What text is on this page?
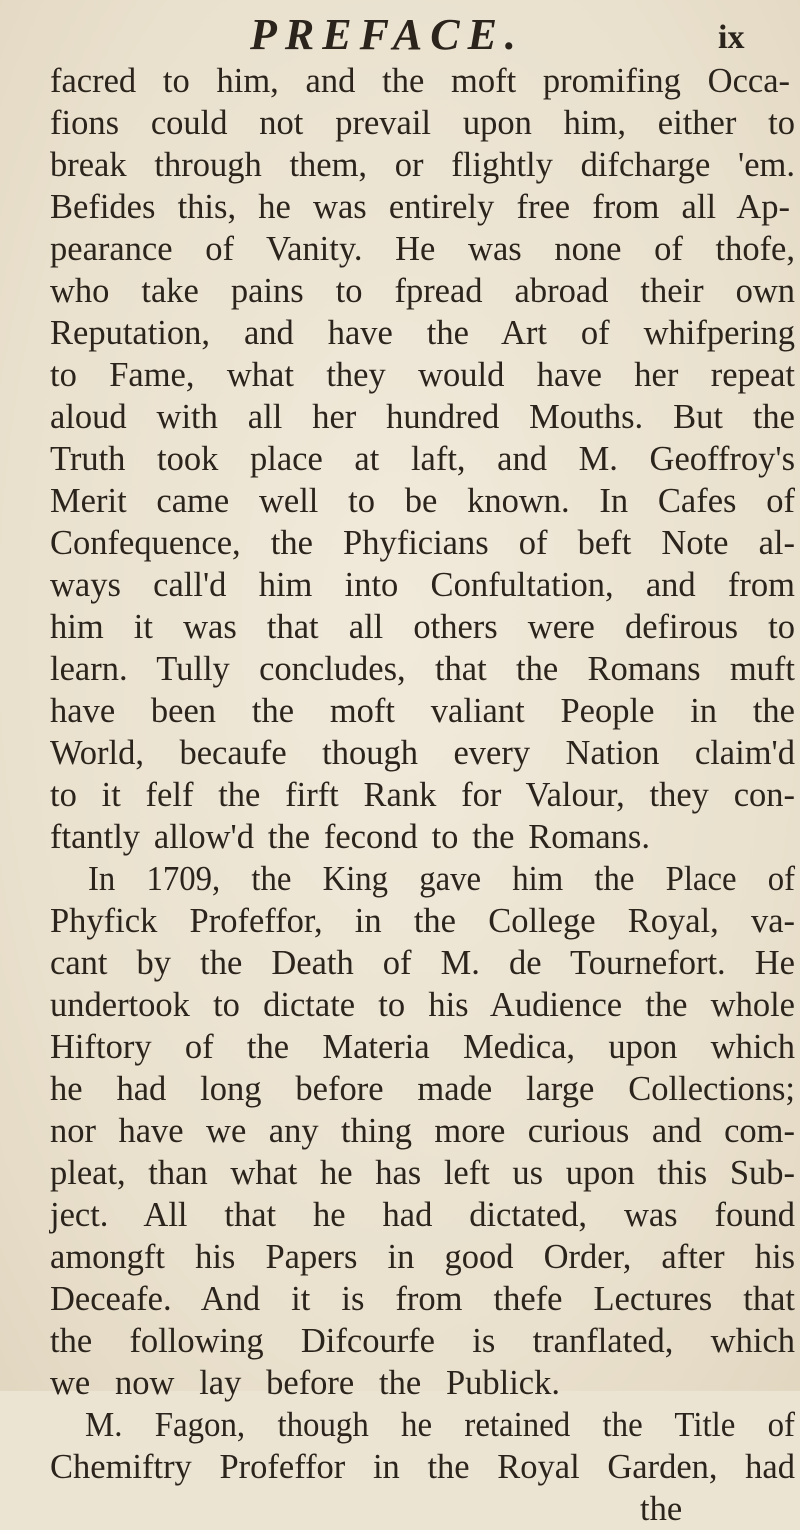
PREFACE.	ix
facred to him, and the moft promifing Occa-
fions could not prevail upon him, either to
break through them, or flightly difcharge 'em.
Befides this, he was entirely free from all Ap-
pearance of Vanity. He was none of thofe,
who take pains to fpread abroad their own
Reputation, and have the Art of whifpering
to Fame, what they would have her repeat
aloud with all her hundred Mouths. But the
Truth took place at laft, and M. Geoffroy's
Merit came well to be known. In Cafes of
Confequence, the Phyficians of beft Note al-
ways call'd him into Confultation, and from
him it was that all others were defirous to
learn. Tully concludes, that the Romans muft
have been the moft valiant People in the
World, becaufe though every Nation claim'd
to it felf the firft Rank for Valour, they con-
ftantly allow'd the fecond to the Romans.
In 1709, the King gave him the Place of
Phyfick Profeffor, in the College Royal, va-
cant by the Death of M. de Tournefort. He
undertook to dictate to his Audience the whole
Hiftory of the Materia Medica, upon which
he had long before made large Collections;
nor have we any thing more curious and com-
pleat, than what he has left us upon this Sub-
ject. All that he had dictated, was found
amongft his Papers in good Order, after his
Deceafe. And it is from thefe Lectures that
the following Difcourfe is tranflated, which
we now lay before the Publick.
M. Fagon, though he retained the Title of
Chemiftry Profeffor in the Royal Garden, had
the
